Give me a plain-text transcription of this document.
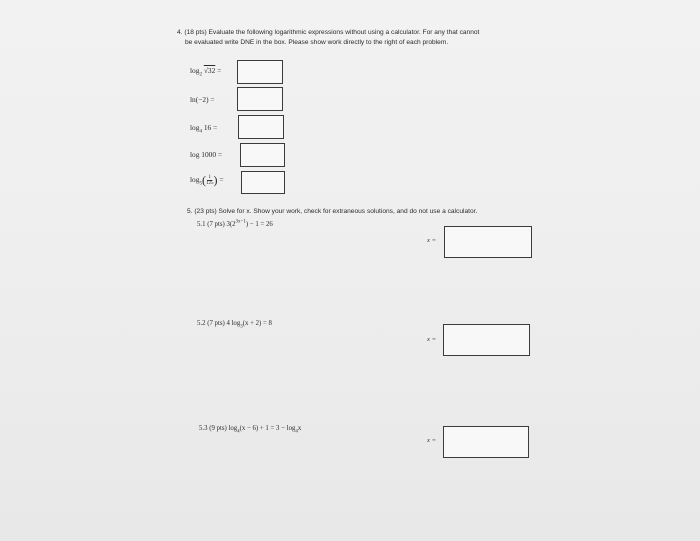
4. (18 pts) Evaluate the following logarithmic expressions without using a calculator. For any that cannot
be evaluated write DNE in the box. Please show work directly to the right of each problem.
$\log_2 √32$ =
ln(−2) =
$\log_4 16$ =
log 1000 =
$\log_5( \frac{1}{125}$ ) =
5. (23 pts) Solve for x. Show your work, check for extraneous solutions, and do not use a calculator.
5.1 (7 pts) $3(2^{3x-1}) - 1 = 26$
x =
5.2 (7 pts) 4 $\log_3(x + 2) = 8$
x =
5.3 (9 pts) $\log_4(x - 6) + 1 = 3 - \log_4x$
x =
